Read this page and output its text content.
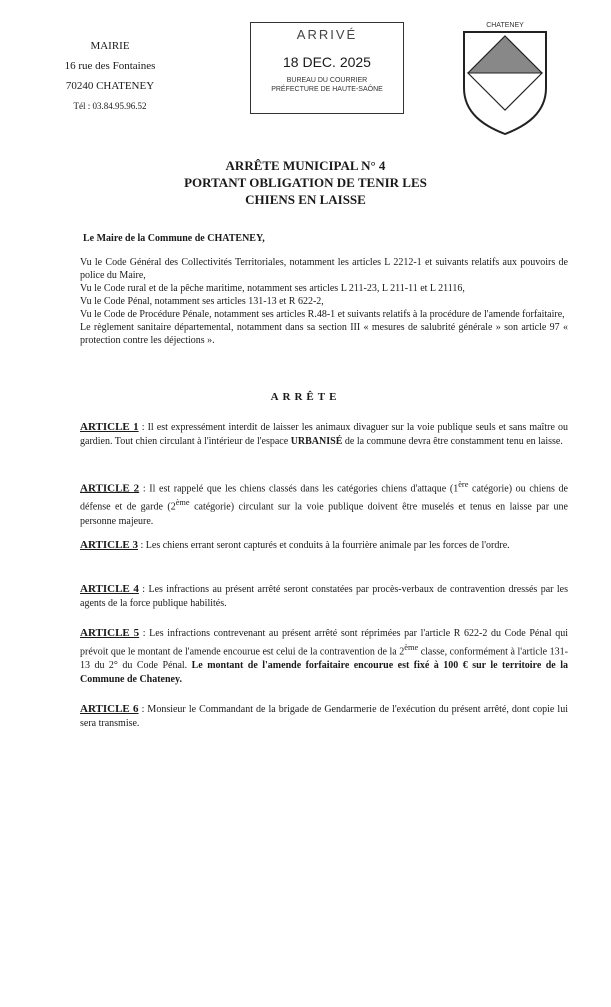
MAIRIE
16 rue des Fontaines
70240 CHATENEY
Tél : 03.84.95.96.52
ARRIVÉ
18 DEC. 2025
BUREAU DU COURRIER
PRÉFECTURE DE HAUTE-SAÔNE
CHATENEY
ARRÊTE MUNICIPAL N° 4
PORTANT OBLIGATION DE TENIR LES
CHIENS EN LAISSE
Le Maire de la Commune de CHATENEY,

Vu le Code Général des Collectivités Territoriales, notamment les articles L 2212-1 et suivants relatifs aux pouvoirs de police du Maire,

Vu le Code rural et de la pêche maritime, notamment ses articles L 211-23, L 211-11 et L 21116,

Vu le Code Pénal, notamment ses articles 131-13 et R 622-2,

Vu le Code de Procédure Pénale, notamment ses articles R.48-1 et suivants relatifs à la procédure de l'amende forfaitaire,

Le règlement sanitaire départemental, notamment dans sa section III « mesures de salubrité générale » son article 97 « protection contre les déjections ».

ARRÊTE

ARTICLE 1 : Il est expressément interdit de laisser les animaux divaguer sur la voie publique seuls et sans maître ou gardien. Tout chien circulant à l'intérieur de l'espace URBANISÉ de la commune devra être constamment tenu en laisse.

ARTICLE 2 : Il est rappelé que les chiens classés dans les catégories chiens d'attaque (1ère catégorie) ou chiens de défense et de garde (2ème catégorie) circulant sur la voie publique doivent être muselés et tenus en laisse par une personne majeure.

ARTICLE 3 : Les chiens errant seront capturés et conduits à la fourrière animale par les forces de l'ordre.

ARTICLE 4 : Les infractions au présent arrêté seront constatées par procès-verbaux de contravention dressés par les agents de la force publique habilités.

ARTICLE 5 : Les infractions contrevenant au présent arrêté sont réprimées par l'article R 622-2 du Code Pénal qui prévoit que le montant de l'amende encourue est celui de la contravention de la 2ème classe, conformément à l'article 131-13 du 2° du Code Pénal. Le montant de l'amende forfaitaire encourue est fixé à 100 € sur le territoire de la Commune de Chateney.

ARTICLE 6 : Monsieur le Commandant de la brigade de Gendarmerie de l'exécution du présent arrêté, dont copie lui sera transmise.
